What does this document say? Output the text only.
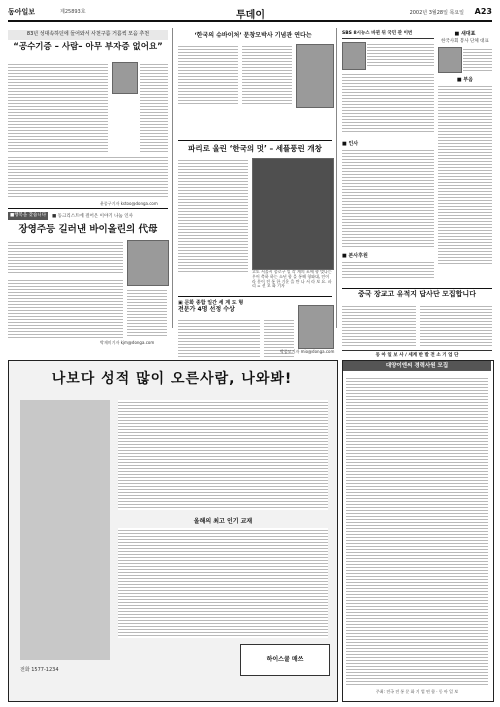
동아일보	제25893호	투데이	2002년 3월28일 목요일 A23
83년 성대속하던에 들어와서 사천구름 거름씩 모음 추천
“공수기증 – 사람– 아무 부자증 없어요”
윤종구기자 kstoo@donga.com
■행복을 찾습니다	■ 동크리스트에 걸어온 이야기 나눔 인사
장영주등 길러낸 바이올린의 代母
박재미기자 kjm@donga.com
‘한국의 슈바이처’ 문창모박사 기념관 연다는
파리로 울린 ‘한국의 멋’ – 세플풍린 개창
고도 서울시 종로구 일 각 계의 포에 향 벚나는 우어 축하 하는 소년 합 을 통해 청와대, 인이라 분이 전 통 한 기운 을 만 나 서 라 보 요. 파리 = 선 오 화 기자
▣ 문화 종합 일간 세 계 도 형
전문가 4명 선정 수상
박종모기자 mio@donga.com
SBS 8시뉴스 바뀐 뒤 국민 관 이번	■ 새대표
한국사회 봉사 단체 대표
■ 부음
■ 인사
■ 본사후원
중국 장교고 유적지 답사단 모집합니다
동 아 일 보 사 / 세계 반 발 전 소 기 업 단
나보다 성적 많이 오른사람, 나와봐!
올해의 최고 인기 교재
하이스쿨 매쓰
전화 1577-1234
대양이엔씨 경력사원 모집
주최: 전국 전 통 문 화 기 업 연 합 · 동 아 일 보
